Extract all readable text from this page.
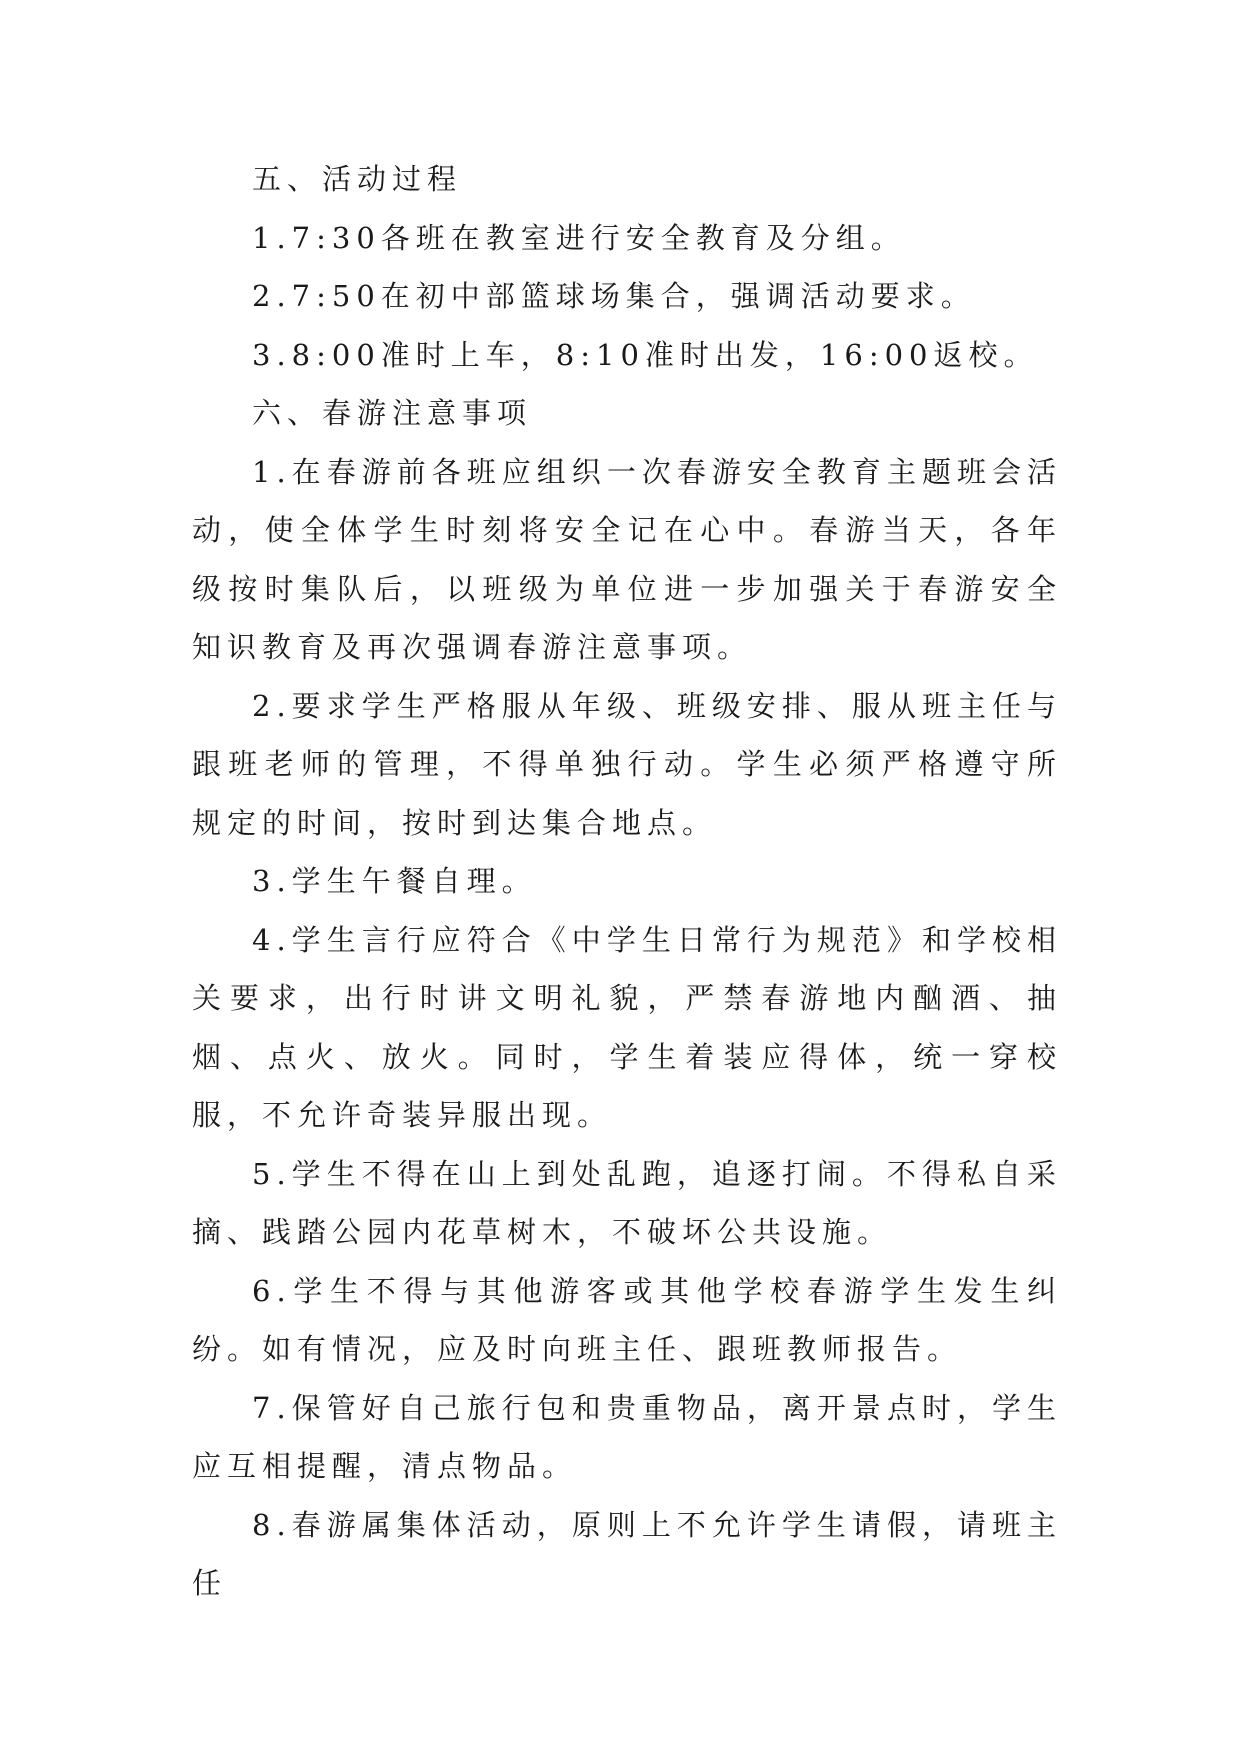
五、活动过程

1.7:30各班在教室进行安全教育及分组。

2.7:50在初中部篮球场集合，强调活动要求。

3.8:00准时上车，8:10准时出发，16:00返校。

六、春游注意事项

1.在春游前各班应组织一次春游安全教育主题班会活动，使全体学生时刻将安全记在心中。春游当天，各年级按时集队后，以班级为单位进一步加强关于春游安全知识教育及再次强调春游注意事项。

2.要求学生严格服从年级、班级安排、服从班主任与跟班老师的管理，不得单独行动。学生必须严格遵守所规定的时间，按时到达集合地点。

3.学生午餐自理。

4.学生言行应符合《中学生日常行为规范》和学校相关要求，出行时讲文明礼貌，严禁春游地内酗酒、抽烟、点火、放火。同时，学生着装应得体，统一穿校服，不允许奇装异服出现。

5.学生不得在山上到处乱跑，追逐打闹。不得私自采摘、践踏公园内花草树木，不破坏公共设施。

6.学生不得与其他游客或其他学校春游学生发生纠纷。如有情况，应及时向班主任、跟班教师报告。

7.保管好自己旅行包和贵重物品，离开景点时，学生应互相提醒，清点物品。

8.春游属集体活动，原则上不允许学生请假，请班主任
